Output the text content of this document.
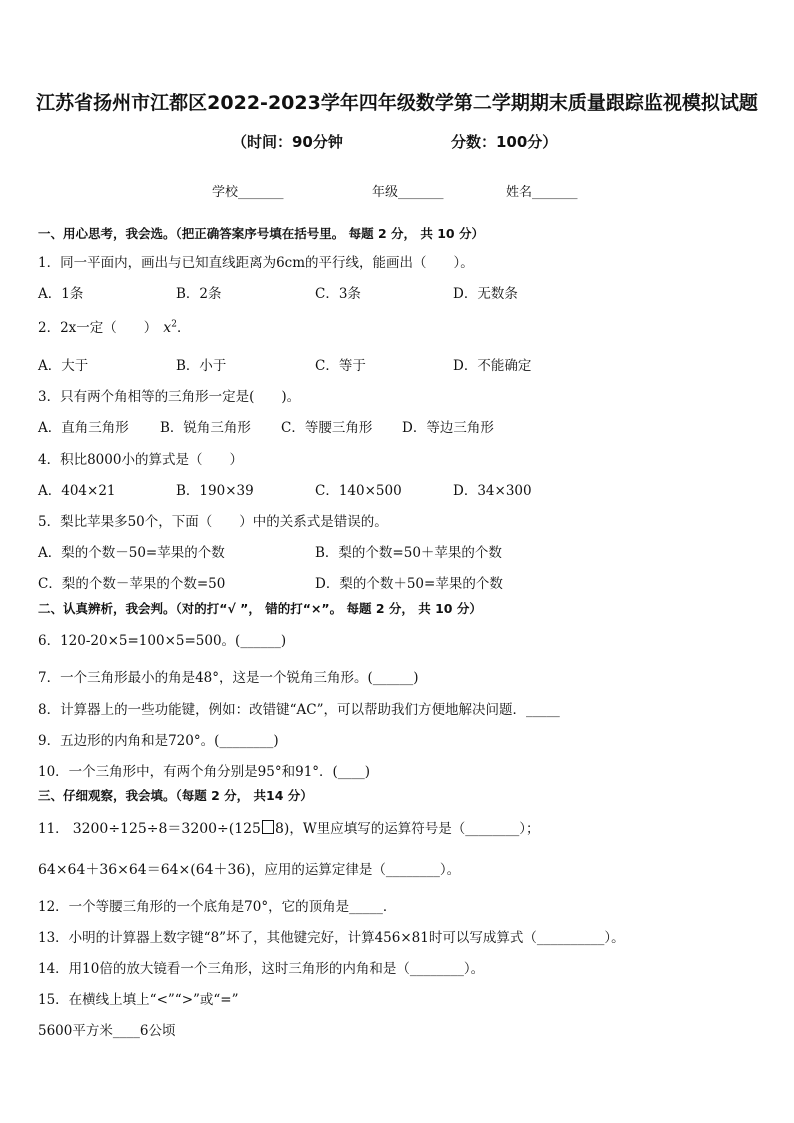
江苏省扬州市江都区2022-2023学年四年级数学第二学期期末质量跟踪监视模拟试题
（时间：90分钟	分数：100分）
学校_______	年级_______	姓名_______
一、用心思考，我会选。（把正确答案序号填在括号里。 每题 2 分， 共 10 分）
1．同一平面内，画出与已知直线距离为6cm的平行线，能画出（　　）。
A．1条	B．2条	C．3条	D．无数条
2．2x一定（　　） $x^2$．
A．大于	B．小于	C．等于	D．不能确定
3．只有两个角相等的三角形一定是(　　)。
A．直角三角形 B．锐角三角形 C．等腰三角形 D．等边三角形
4．积比8000小的算式是（　　）
A．404×21	B．190×39	C．140×500	D．34×300
5．梨比苹果多50个，下面（　　）中的关系式是错误的。
A．梨的个数－50=苹果的个数	B．梨的个数=50＋苹果的个数
C．梨的个数－苹果的个数=50	D．梨的个数＋50=苹果的个数
二、认真辨析，我会判。（对的打“√ ”， 错的打“×”。 每题 2 分， 共 10 分）
6．120-20×5=100×5=500。(______)
7．一个三角形最小的角是48°，这是一个锐角三角形。(______)
8．计算器上的一些功能键，例如：改错键“AC”，可以帮助我们方便地解决问题．_____
9．五边形的内角和是720°。(________)
10．一个三角形中，有两个角分别是95°和91°．(____)
三、仔细观察，我会填。（每题 2 分， 共14 分）
11． 3200÷125÷8＝3200÷(125 8)，W里应填写的运算符号是（________）；
64×64＋36×64＝64×(64＋36)，应用的运算定律是（________）。
12．一个等腰三角形的一个底角是70°，它的顶角是_____．
13．小明的计算器上数字键“8”坏了，其他键完好，计算456×81时可以写成算式（__________）。
14．用10倍的放大镜看一个三角形，这时三角形的内角和是（________）。
15．在横线上填上“<”“>”或“=”
5600平方米____6公顷
